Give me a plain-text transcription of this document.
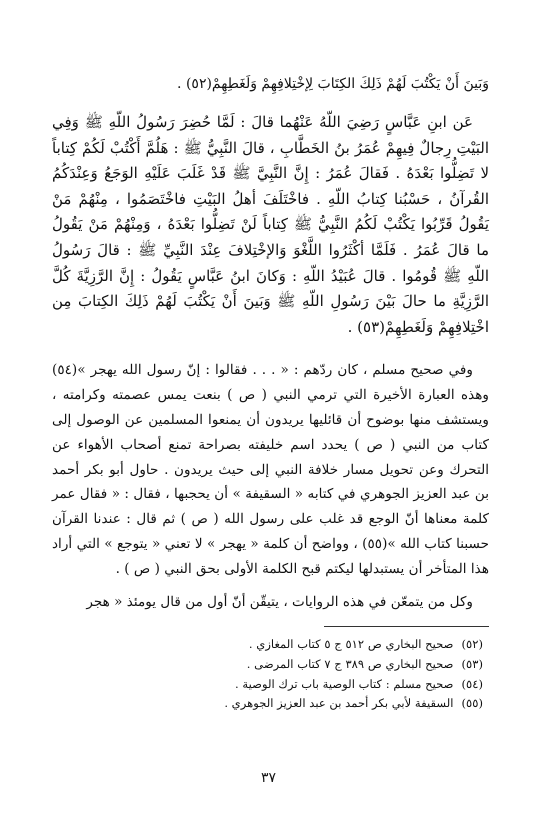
وَبَينَ أَنْ يَكْتُبَ لَهُمْ ذَلِكَ الكِتَابَ لِإخْتِلافِهِمْ وَلَغَطِهِمْ(٥٢) .

عَن ابنِ عَبَّاسٍ رَضِيَ اللّهُ عَنْهُما قالَ : لَمَّا حُضِرَ رَسُولُ اللّهِ ﷺ وَفِي البَيْتِ رِجالٌ فِيهِمْ عُمَرُ بنُ الخَطَّابِ ، قالَ النَّبِيُّ ﷺ : هَلُمَّ أَكْتُبْ لَكُمْ كِتاباً لا تَضِلُّوا بَعْدَهُ . فَقالَ عُمَرُ : إِنَّ النَّبِيَّ ﷺ قَدْ غَلَبَ عَلَيْهِ الوَجَعُ وَعِنْدَكُمُ القُرآنُ ، حَسْبُنا كِتابُ اللّهِ . فاخْتَلَفَ أهلُ البَيْتِ فاخْتَصَمُوا ، مِنْهُمْ مَنْ يَقُولُ قَرِّبُوا يَكْتُبْ لَكُمُ النَّبِيُّ ﷺ كِتاباً لَنْ تَضِلُّوا بَعْدَهُ ، وَمِنْهُمْ مَنْ يَقُولُ ما قالَ عُمَرُ . فَلَمَّا أكْثَرُوا اللَّغْوَ وَالإخْتِلافَ عِنْدَ النَّبِيِّ ﷺ : قالَ رَسُولُ اللّهِ ﷺ قُومُوا . قالَ عُبَيْدُ اللّهِ : وَكانَ ابنُ عَبَّاسٍ يَقُولُ : إِنَّ الرَّزِيَّةَ كُلَّ الرَّزِيَّةِ ما حالَ بَيْنَ رَسُولِ اللّهِ ﷺ وَبَينَ أَنْ يَكْتُبَ لَهُمْ ذَلِكَ الكِتابَ مِن اخْتِلافِهِمْ وَلَغَطِهِمْ(٥٣) .

وفي صحيح مسلم ، كان ردّهم : « . . . فقالوا : إنّ رسول الله يهجر »(٥٤) وهذه العبارة الأخيرة التي ترمي النبي ( ص ) بنعت يمس عصمته وكرامته ، ويستشف منها بوضوح أن قائليها يريدون أن يمنعوا المسلمين عن الوصول إلى كتاب من النبي ( ص ) يحدد اسم خليفته بصراحة تمنع أصحاب الأهواء عن التحرك وعن تحويل مسار خلافة النبي إلى حيث يريدون . حاول أبو بكر أحمد بن عبد العزيز الجوهري في كتابه « السقيفة » أن يحجبها ، فقال : « فقال عمر كلمة معناها أنّ الوجع قد غلب على رسول الله ( ص ) ثم قال : عندنا القرآن حسبنا كتاب الله »(٥٥) ، وواضح أن كلمة « يهجر » لا تعني « يتوجع » التي أراد هذا المتأخر أن يستبدلها ليكتم قبح الكلمة الأولى بحق النبي ( ص ) .

وكل من يتمعّن في هذه الروايات ، يتيقّن أنّ أول من قال يومئذ « هجر

(٥٢)صحيح البخاري ص ٥١٢ ج ٥ كتاب المغازي .
(٥٣)صحيح البخاري ص ٣٨٩ ج ٧ كتاب المرضى .
(٥٤)صحيح مسلم : كتاب الوصية باب ترك الوصية .
(٥٥)السقيفة لأبي بكر أحمد بن عبد العزيز الجوهري .
٣٧
